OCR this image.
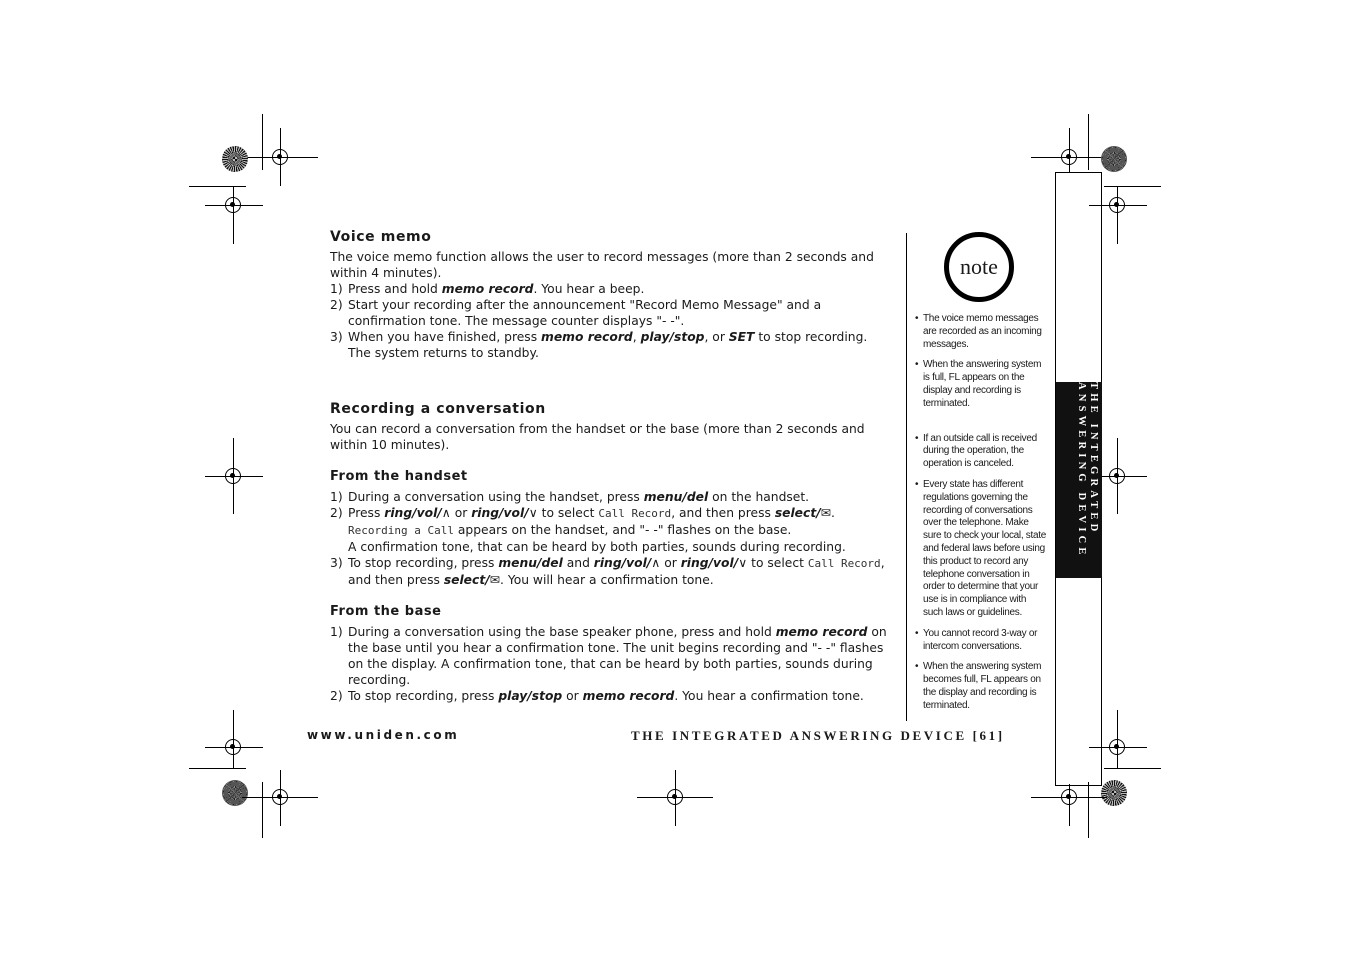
THE INTEGRATED
ANSWERING DEVICE
Voice memo

The voice memo function allows the user to record messages (more than 2 seconds and within 4 minutes).

1) Press and hold memo record. You hear a beep.
2) Start your recording after the announcement "Record Memo Message" and a confirmation tone. The message counter displays "- -".
3) When you have finished, press memo record, play/stop, or SET to stop recording.
The system returns to standby.
Recording a conversation

You can record a conversation from the handset or the base (more than 2 seconds and within 10 minutes).

From the handset
1) During a conversation using the handset, press menu/del on the handset.
2) Press ring/vol/∧ or ring/vol/∨ to select Call Record, and then press select/✉.
Recording a Call appears on the handset, and "- -" flashes on the base.
A confirmation tone, that can be heard by both parties, sounds during recording.
3) To stop recording, press menu/del and ring/vol/∧ or ring/vol/∨ to select Call Record,
and then press select/✉. You will hear a confirmation tone.
From the base
1) During a conversation using the base speaker phone, press and hold memo record on the base until you hear a confirmation tone. The unit begins recording and "- -" flashes on the display. A confirmation tone, that can be heard by both parties, sounds during recording.
2) To stop recording, press play/stop or memo record. You hear a confirmation tone.
note
• The voice memo messages are recorded as an incoming messages.
• When the answering system is full, FL appears on the display and recording is terminated.
• If an outside call is received during the operation, the operation is canceled.
• Every state has different regulations governing the recording of conversations over the telephone. Make sure to check your local, state and federal laws before using this product to record any telephone conversation in order to determine that your use is in compliance with such laws or guidelines.
• You cannot record 3-way or intercom conversations.
• When the answering system becomes full, FL appears on the display and recording is terminated.
www.uniden.com	THE INTEGRATED ANSWERING DEVICE [61]
